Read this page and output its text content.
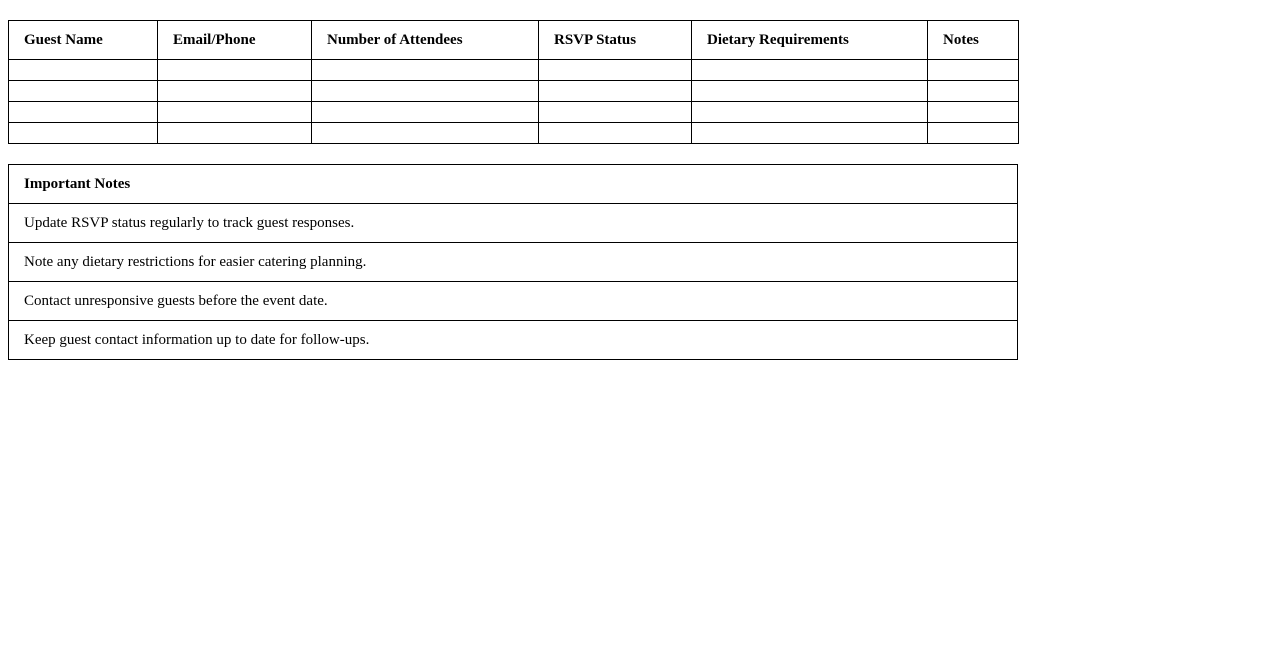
Guest Name	Email/Phone	Number of Attendees	RSVP Status	Dietary Requirements	Notes

Important Notes
Update RSVP status regularly to track guest responses.
Note any dietary restrictions for easier catering planning.
Contact unresponsive guests before the event date.
Keep guest contact information up to date for follow-ups.
